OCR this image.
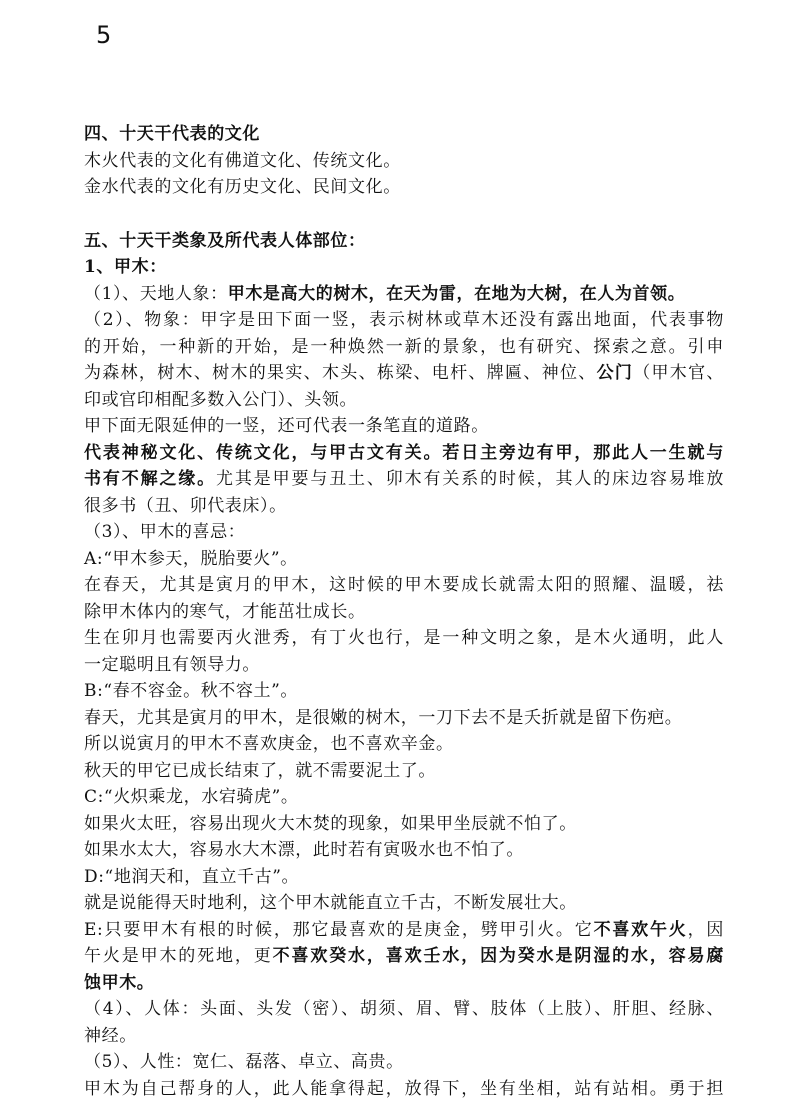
5
四、十天干代表的文化
木火代表的文化有佛道文化、传统文化。
金水代表的文化有历史文化、民间文化。
五、十天干类象及所代表人体部位：
1、甲木：
（1）、天地人象：甲木是高大的树木，在天为雷，在地为大树，在人为首领。
（2）、物象：甲字是田下面一竖，表示树林或草木还没有露出地面，代表事物
的开始，一种新的开始，是一种焕然一新的景象，也有研究、探索之意。引申
为森林，树木、树木的果实、木头、栋梁、电杆、牌匾、神位、公门（甲木官、
印或官印相配多数入公门）、头领。
甲下面无限延伸的一竖，还可代表一条笔直的道路。
代表神秘文化、传统文化，与甲古文有关。若日主旁边有甲，那此人一生就与
书有不解之缘。尤其是甲要与丑土、卯木有关系的时候，其人的床边容易堆放
很多书（丑、卯代表床）。
（3）、甲木的喜忌：
A:“甲木参天，脱胎要火”。
在春天，尤其是寅月的甲木，这时候的甲木要成长就需太阳的照耀、温暖，祛
除甲木体内的寒气，才能茁壮成长。
生在卯月也需要丙火泄秀，有丁火也行，是一种文明之象，是木火通明，此人
一定聪明且有领导力。
B:“春不容金。秋不容土”。
春天，尤其是寅月的甲木，是很嫩的树木，一刀下去不是夭折就是留下伤疤。
所以说寅月的甲木不喜欢庚金，也不喜欢辛金。
秋天的甲它已成长结束了，就不需要泥土了。
C:“火炽乘龙，水宕骑虎”。
如果火太旺，容易出现火大木焚的现象，如果甲坐辰就不怕了。
如果水太大，容易水大木漂，此时若有寅吸水也不怕了。
D:“地润天和，直立千古”。
就是说能得天时地利，这个甲木就能直立千古，不断发展壮大。
E:只要甲木有根的时候，那它最喜欢的是庚金，劈甲引火。它不喜欢午火，因
午火是甲木的死地，更不喜欢癸水，喜欢壬水，因为癸水是阴湿的水，容易腐
蚀甲木。
（4）、人体：头面、头发（密）、胡须、眉、臂、肢体（上肢）、肝胆、经脉、
神经。
（5）、人性：宽仁、磊落、卓立、高贵。
甲木为自己帮身的人，此人能拿得起，放得下，坐有坐相，站有站相。勇于担
